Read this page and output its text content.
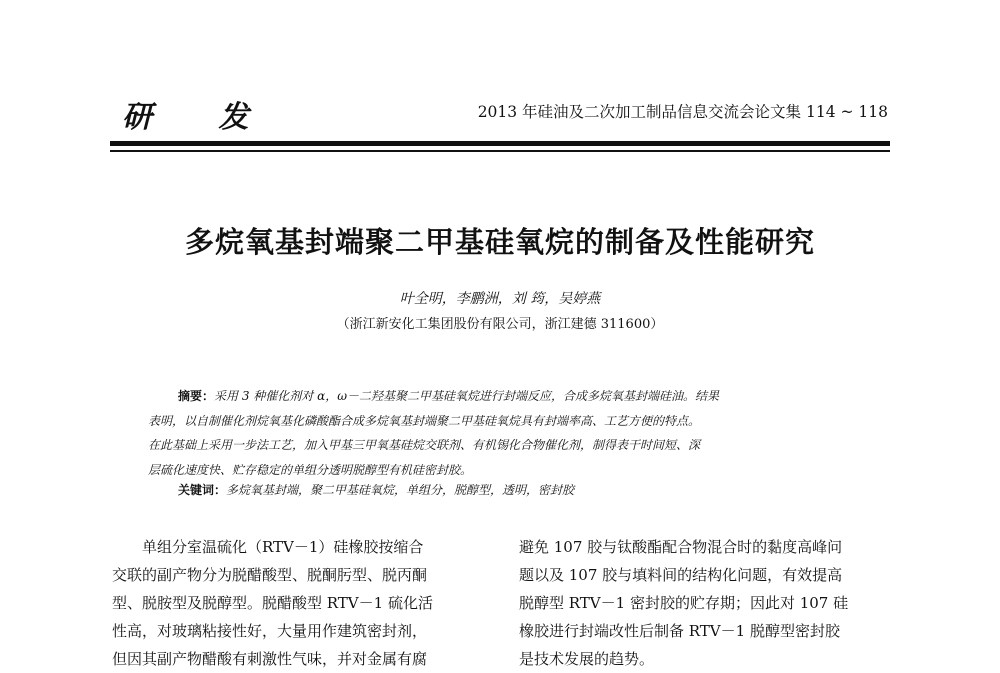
研 发	2013 年硅油及二次加工制品信息交流会论文集 114 ~ 118
多烷氧基封端聚二甲基硅氧烷的制备及性能研究
叶全明，李鹏洲，刘 筠，吴婷燕
（浙江新安化工集团股份有限公司，浙江建德 311600）
摘要：采用 3 种催化剂对 α，ω－二羟基聚二甲基硅氧烷进行封端反应，合成多烷氧基封端硅油。结果
表明，以自制催化剂烷氧基化磷酸酯合成多烷氧基封端聚二甲基硅氧烷具有封端率高、工艺方便的特点。
在此基础上采用一步法工艺，加入甲基三甲氧基硅烷交联剂、有机锡化合物催化剂，制得表干时间短、深
层硫化速度快、贮存稳定的单组分透明脱醇型有机硅密封胶。
关键词：多烷氧基封端，聚二甲基硅氧烷，单组分，脱醇型，透明，密封胶
　　单组分室温硫化（RTV－1）硅橡胶按缩合
交联的副产物分为脱醋酸型、脱酮肟型、脱丙酮
型、脱胺型及脱醇型。脱醋酸型 RTV－1 硫化活
性高，对玻璃粘接性好，大量用作建筑密封剂，
但因其副产物醋酸有刺激性气味，并对金属有腐
避免 107 胶与钛酸酯配合物混合时的黏度高峰问
题以及 107 胶与填料间的结构化问题，有效提高
脱醇型 RTV－1 密封胶的贮存期；因此对 107 硅
橡胶进行封端改性后制备 RTV－1 脱醇型密封胶
是技术发展的趋势。
